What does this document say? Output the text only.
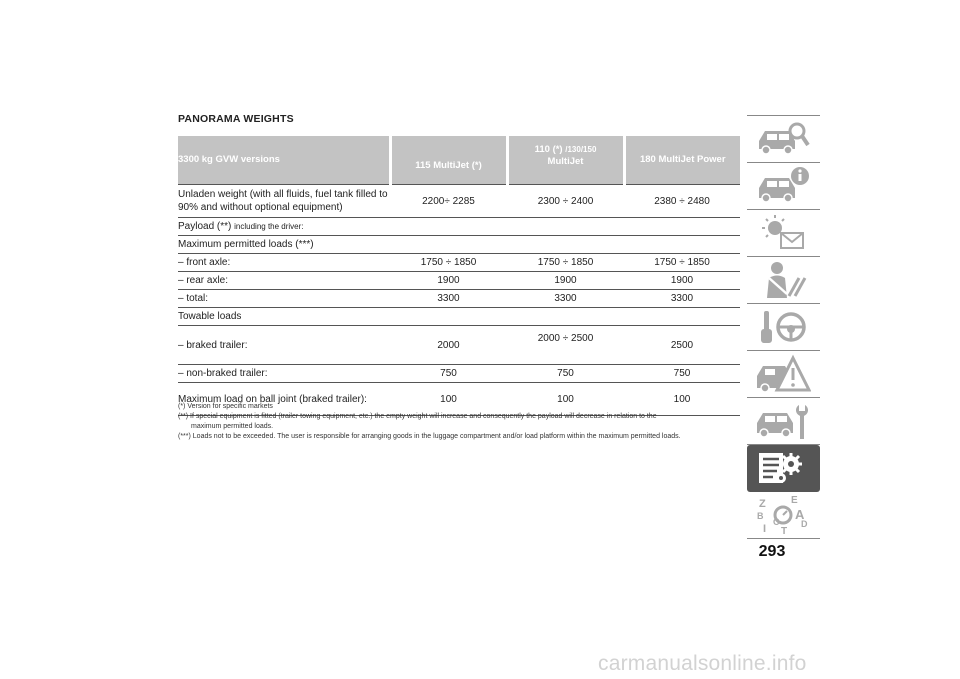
PANORAMA WEIGHTS
3300 kg GVW versions	115 MultiJet (*)	110 (*) /130/150
MultiJet	180 MultiJet Power
Unladen weight (with all fluids, fuel tank filled to
90% and without optional equipment)	2200÷ 2285	2300 ÷ 2400	2380 ÷ 2480
Payload (**) including the driver:			
Maximum permitted loads (***)			
– front axle:	1750 ÷ 1850	1750 ÷ 1850	1750 ÷ 1850
– rear axle:	1900	1900	1900
– total:	3300	3300	3300
Towable loads			
– braked trailer:	2000	2000 ÷ 2500	2500
– non-braked trailer:	750	750	750
Maximum load on ball joint (braked trailer):	100	100	100

(*) Version for specific markets

(**) If special equipment is fitted (trailer towing equipment, etc.) the empty weight will increase and consequently the payload will decrease in relation to the

maximum permitted loads.

(***) Loads not to be exceeded. The user is responsible for arranging goods in the luggage compartment and/or load platform within the maximum permitted loads.

Z	E
B A
C
I T
D
293
carmanualsonline.info
